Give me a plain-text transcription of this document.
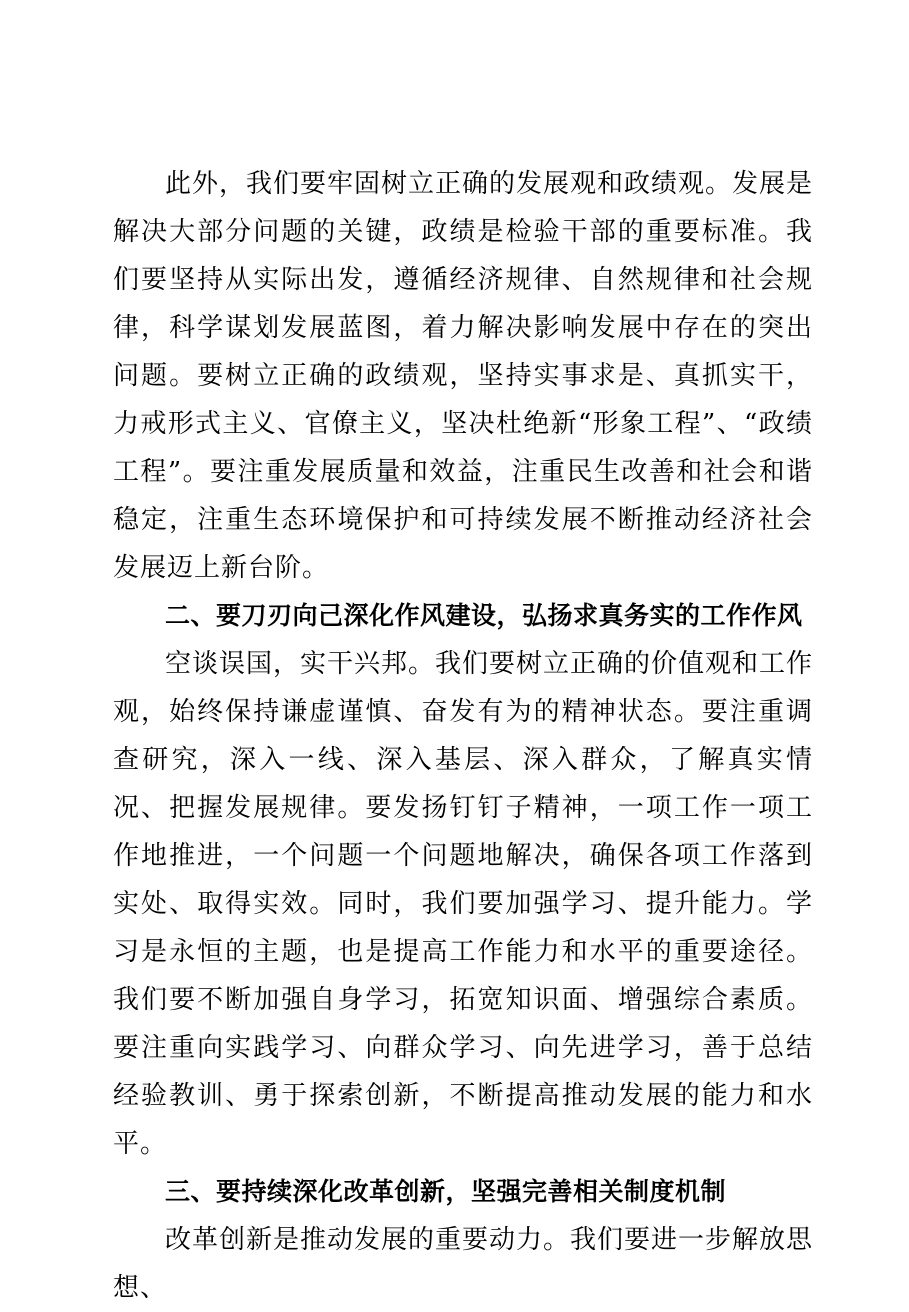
此外，我们要牢固树立正确的发展观和政绩观。发展是解决大部分问题的关键，政绩是检验干部的重要标准。我们要坚持从实际出发，遵循经济规律、自然规律和社会规律，科学谋划发展蓝图，着力解决影响发展中存在的突出问题。要树立正确的政绩观，坚持实事求是、真抓实干，力戒形式主义、官僚主义，坚决杜绝新“形象工程”、“政绩工程”。要注重发展质量和效益，注重民生改善和社会和谐稳定，注重生态环境保护和可持续发展不断推动经济社会发展迈上新台阶。

二、要刀刃向己深化作风建设，弘扬求真务实的工作作风

空谈误国，实干兴邦。我们要树立正确的价值观和工作观，始终保持谦虚谨慎、奋发有为的精神状态。要注重调查研究，深入一线、深入基层、深入群众，了解真实情况、把握发展规律。要发扬钉钉子精神，一项工作一项工作地推进，一个问题一个问题地解决，确保各项工作落到实处、取得实效。同时，我们要加强学习、提升能力。学习是永恒的主题，也是提高工作能力和水平的重要途径。我们要不断加强自身学习，拓宽知识面、增强综合素质。要注重向实践学习、向群众学习、向先进学习，善于总结经验教训、勇于探索创新，不断提高推动发展的能力和水平。

三、要持续深化改革创新，坚强完善相关制度机制

改革创新是推动发展的重要动力。我们要进一步解放思想、
